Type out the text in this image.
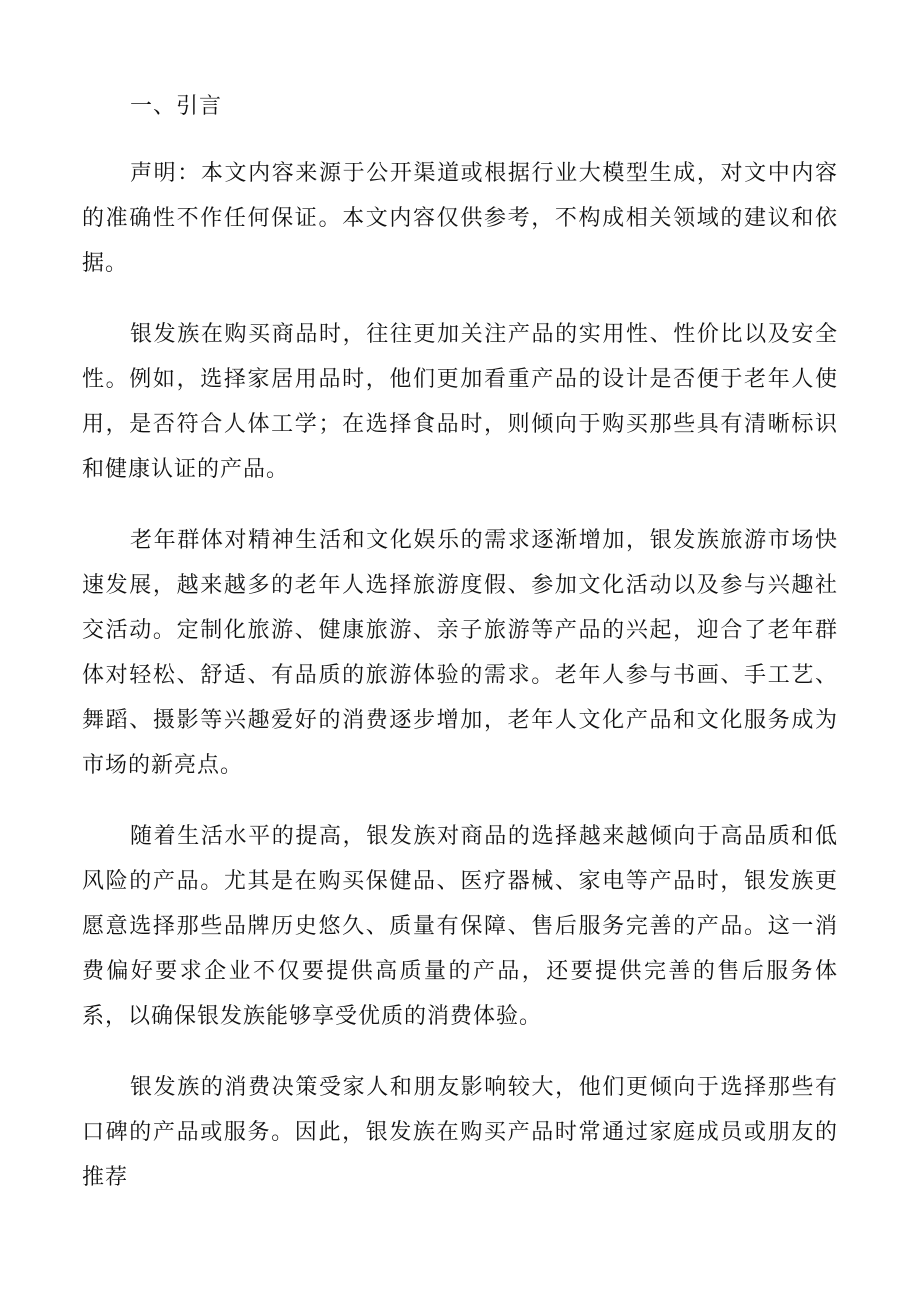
一、引言

声明：本文内容来源于公开渠道或根据行业大模型生成，对文中内容的准确性不作任何保证。本文内容仅供参考，不构成相关领域的建议和依据。

银发族在购买商品时，往往更加关注产品的实用性、性价比以及安全性。例如，选择家居用品时，他们更加看重产品的设计是否便于老年人使用，是否符合人体工学；在选择食品时，则倾向于购买那些具有清晰标识和健康认证的产品。

老年群体对精神生活和文化娱乐的需求逐渐增加，银发族旅游市场快速发展，越来越多的老年人选择旅游度假、参加文化活动以及参与兴趣社交活动。定制化旅游、健康旅游、亲子旅游等产品的兴起，迎合了老年群体对轻松、舒适、有品质的旅游体验的需求。老年人参与书画、手工艺、舞蹈、摄影等兴趣爱好的消费逐步增加，老年人文化产品和文化服务成为市场的新亮点。

随着生活水平的提高，银发族对商品的选择越来越倾向于高品质和低风险的产品。尤其是在购买保健品、医疗器械、家电等产品时，银发族更愿意选择那些品牌历史悠久、质量有保障、售后服务完善的产品。这一消费偏好要求企业不仅要提供高质量的产品，还要提供完善的售后服务体系，以确保银发族能够享受优质的消费体验。

银发族的消费决策受家人和朋友影响较大，他们更倾向于选择那些有口碑的产品或服务。因此，银发族在购买产品时常通过家庭成员或朋友的推荐
